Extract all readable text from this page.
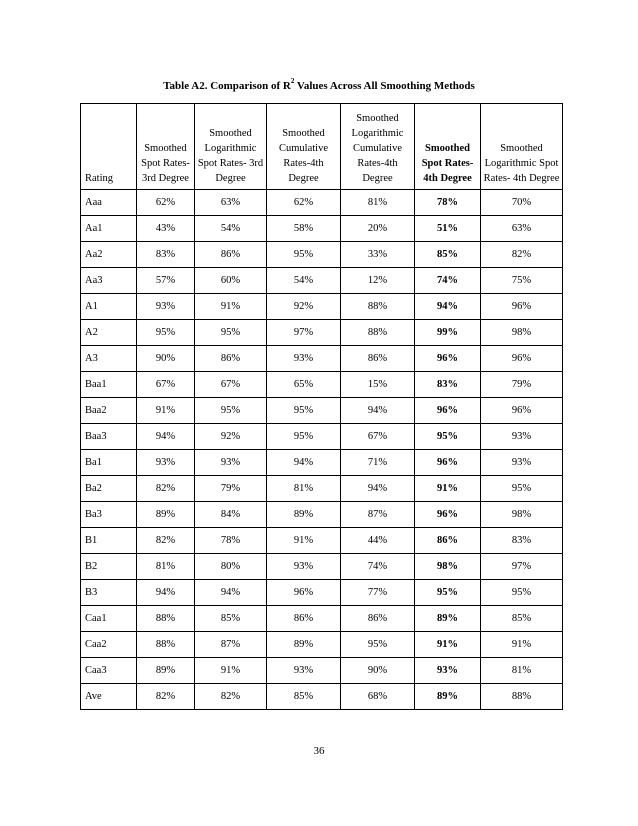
Table A2. Comparison of $R^2$ Values Across All Smoothing Methods
Rating	Smoothed Spot Rates- 3rd Degree	Smoothed Logarithmic Spot Rates- 3rd Degree	Smoothed Cumulative Rates-4th Degree	Smoothed Logarithmic Cumulative Rates-4th Degree	Smoothed Spot Rates-4th Degree	Smoothed Logarithmic Spot Rates- 4th Degree
Aaa	62%	63%	62%	81%	78%	70%
Aa1	43%	54%	58%	20%	51%	63%
Aa2	83%	86%	95%	33%	85%	82%
Aa3	57%	60%	54%	12%	74%	75%
A1	93%	91%	92%	88%	94%	96%
A2	95%	95%	97%	88%	99%	98%
A3	90%	86%	93%	86%	96%	96%
Baa1	67%	67%	65%	15%	83%	79%
Baa2	91%	95%	95%	94%	96%	96%
Baa3	94%	92%	95%	67%	95%	93%
Ba1	93%	93%	94%	71%	96%	93%
Ba2	82%	79%	81%	94%	91%	95%
Ba3	89%	84%	89%	87%	96%	98%
B1	82%	78%	91%	44%	86%	83%
B2	81%	80%	93%	74%	98%	97%
B3	94%	94%	96%	77%	95%	95%
Caa1	88%	85%	86%	86%	89%	85%
Caa2	88%	87%	89%	95%	91%	91%
Caa3	89%	91%	93%	90%	93%	81%
Ave	82%	82%	85%	68%	89%	88%
36
